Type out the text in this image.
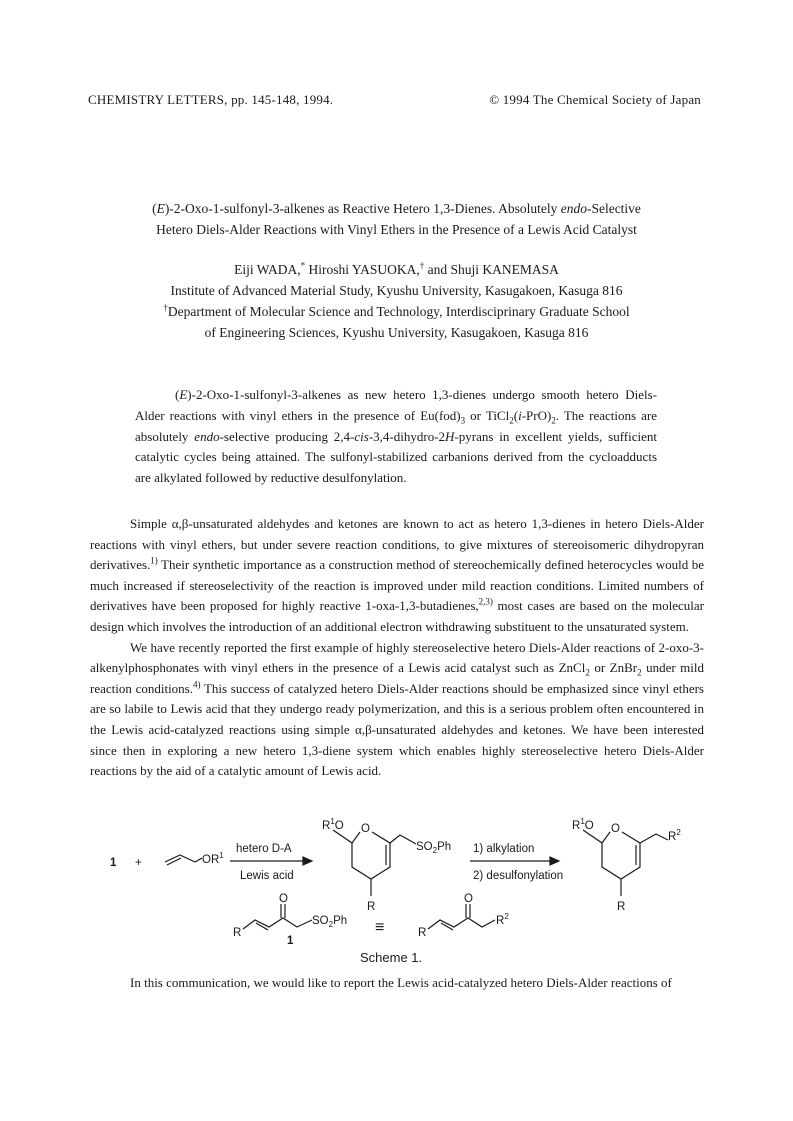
CHEMISTRY LETTERS, pp. 145-148, 1994.	© 1994 The Chemical Society of Japan
(E)-2-Oxo-1-sulfonyl-3-alkenes as Reactive Hetero 1,3-Dienes. Absolutely endo-Selective
Hetero Diels-Alder Reactions with Vinyl Ethers in the Presence of a Lewis Acid Catalyst
Eiji WADA,* Hiroshi YASUOKA,† and Shuji KANEMASA
Institute of Advanced Material Study, Kyushu University, Kasugakoen, Kasuga 816
†Department of Molecular Science and Technology, Interdisciprinary Graduate School
of Engineering Sciences, Kyushu University, Kasugakoen, Kasuga 816
(E)-2-Oxo-1-sulfonyl-3-alkenes as new hetero 1,3-dienes undergo smooth hetero Diels-Alder reactions with vinyl ethers in the presence of $Eu(fod)_3$ or $TiCl_2(i-PrO)_2$. The reactions are absolutely endo-selective producing 2,4-cis-3,4-dihydro-2H-pyrans in excellent yields, sufficient catalytic cycles being attained. The sulfonyl-stabilized carbanions derived from the cycloadducts are alkylated followed by reductive desulfonylation.

Simple α,β-unsaturated aldehydes and ketones are known to act as hetero 1,3-dienes in hetero Diels-Alder reactions with vinyl ethers, but under severe reaction conditions, to give mixtures of stereoisomeric dihydropyran derivatives.$^{1)}$ Their synthetic importance as a construction method of stereochemically defined heterocycles would be much increased if stereoselectivity of the reaction is improved under mild reaction conditions. Limited numbers of derivatives have been proposed for highly reactive 1-oxa-1,3-butadienes,$^{2,3)}$ most cases are based on the molecular design which involves the introduction of an additional electron withdrawing substituent to the unsaturated system.

We have recently reported the first example of highly stereoselective hetero Diels-Alder reactions of 2-oxo-3-alkenylphosphonates with vinyl ethers in the presence of a Lewis acid catalyst such as ZnCl$_2$ or ZnBr$_2$ under mild reaction conditions.$^{4)}$ This success of catalyzed hetero Diels-Alder reactions should be emphasized since vinyl ethers are so labile to Lewis acid that they undergo ready polymerization, and this is a serious problem often encountered in the Lewis acid-catalyzed reactions using simple α,β-unsaturated aldehydes and ketones. We have been interested since then in exploring a new hetero 1,3-diene system which enables highly stereoselective hetero Diels-Alder reactions by the aid of a catalytic amount of Lewis acid.

1 +	$OR^1$
hetero D-A
Lewis acid
$R^1O$ O
$SO_2Ph$
R
1) alkylation
2) desulfonylation
$R^1O$ O
$R^2$
R
O
R
$SO_2Ph$
1
≡
O
R
$R^2$
Scheme 1.

In this communication, we would like to report the Lewis acid-catalyzed hetero Diels-Alder reactions of
